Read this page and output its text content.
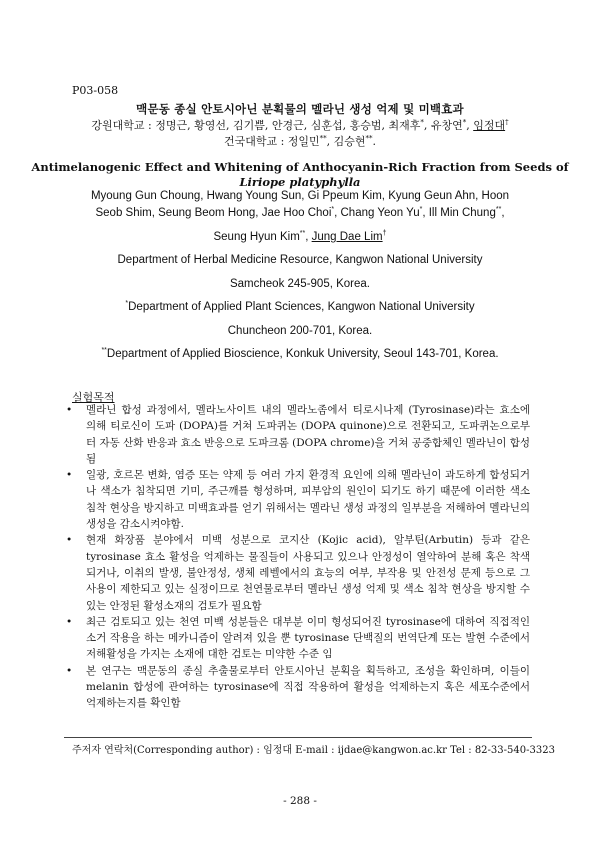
P03-058
맥문동 종실 안토시아닌 분획물의 멜라닌 생성 억제 및 미백효과
강원대학교 : 정명근, 황영선, 김기쁨, 안경근, 심훈섭, 홍승범, 최재후*, 유창연*, 임정대†
건국대학교 : 정일민**, 김승현**.
Antimelanogenic Effect and Whitening of Anthocyanin-Rich Fraction from Seeds of
Liriope platyphylla
Myoung Gun Choung, Hwang Young Sun, Gi Ppeum Kim, Kyung Geun Ahn, Hoon
Seob Shim, Seung Beom Hong, Jae Hoo Choi*, Chang Yeon Yu*, Ill Min Chung**,
Seung Hyun Kim**, Jung Dae Lim†
Department of Herbal Medicine Resource, Kangwon National University
Samcheok 245-905, Korea.
*Department of Applied Plant Sciences, Kangwon National University
Chuncheon 200-701, Korea.
**Department of Applied Bioscience, Konkuk University, Seoul 143-701, Korea.
실험목적
• 멜라닌 합성 과정에서, 멜라노사이트 내의 멜라노좀에서 티로시나제 (Tyrosinase)라는 효소에 의해 티로신이 도파 (DOPA)를 거쳐 도파퀴논 (DOPA quinone)으로 전환되고, 도파퀴논으로부터 자동 산화 반응과 효소 반응으로 도파크롬 (DOPA chrome)을 거쳐 공중합체인 멜라닌이 합성됨
• 일광, 호르몬 변화, 염증 또는 약제 등 여러 가지 환경적 요인에 의해 멜라닌이 과도하게 합성되거나 색소가 침착되면 기미, 주근깨를 형성하며, 피부암의 원인이 되기도 하기 때문에 이러한 색소 침착 현상을 방지하고 미백효과를 얻기 위해서는 멜라닌 생성 과정의 일부분을 저해하여 멜라닌의 생성을 감소시켜야함.
• 현재 화장품 분야에서 미백 성분으로 코지산 (Kojic acid), 알부틴(Arbutin) 등과 같은 tyrosinase 효소 활성을 억제하는 물질들이 사용되고 있으나 안정성이 열악하여 분해 혹은 착색되거나, 이취의 발생, 불안정성, 생체 레벨에서의 효능의 여부, 부작용 및 안전성 문제 등으로 그 사용이 제한되고 있는 실정이므로 천연물로부터 멜라닌 생성 억제 및 색소 침착 현상을 방지할 수 있는 안정된 활성소재의 검토가 필요함
• 최근 검토되고 있는 천연 미백 성분들은 대부분 이미 형성되어진 tyrosinase에 대하여 직접적인 소거 작용을 하는 메카니즘이 알려져 있을 뿐 tyrosinase 단백질의 번역단계 또는 발현 수준에서 저해활성을 가지는 소재에 대한 검토는 미약한 수준 임
• 본 연구는 맥문동의 종실 추출물로부터 안토시아닌 분획을 획득하고, 조성을 확인하며, 이들이 melanin 합성에 관여하는 tyrosinase에 직접 작용하여 활성을 억제하는지 혹은 세포수준에서 억제하는지를 확인함
주저자 연락처(Corresponding author) : 임정대 E-mail : ijdae@kangwon.ac.kr Tel : 82-33-540-3323
- 288 -
